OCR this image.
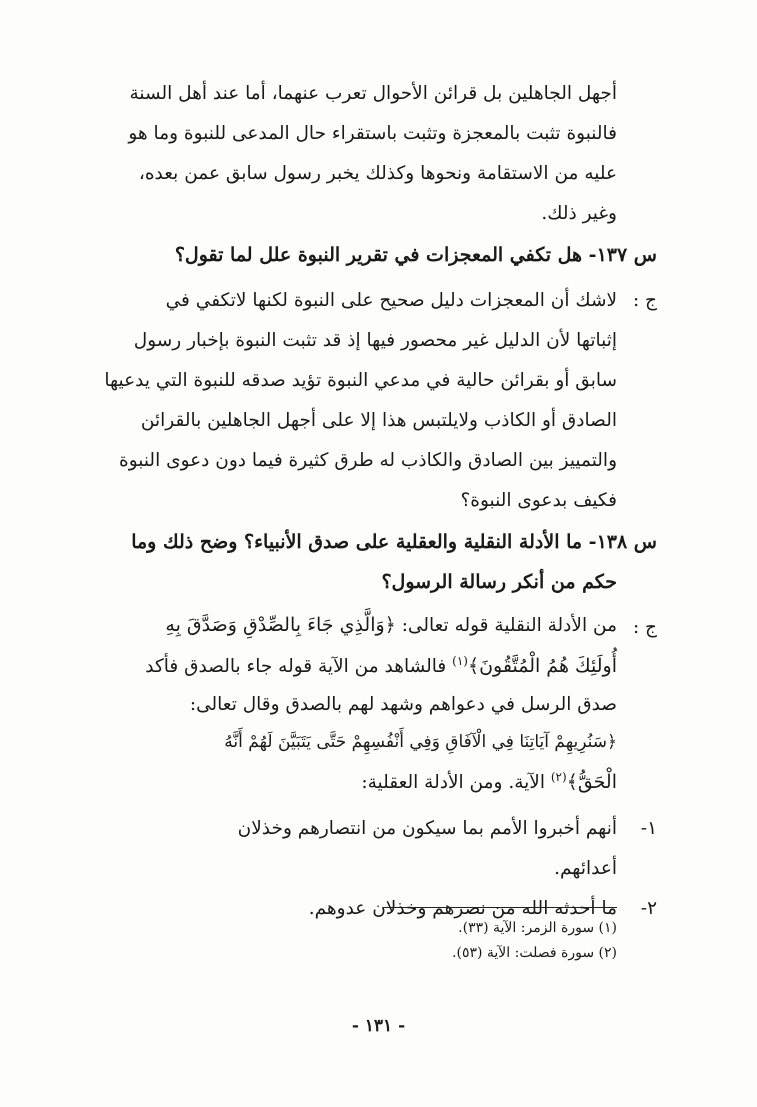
أجهل الجاهلين بل قرائن الأحوال تعرب عنهما، أما عند أهل السنة
فالنبوة تثبت بالمعجزة وتثبت باستقراء حال المدعى للنبوة وما هو
عليه من الاستقامة ونحوها وكذلك يخبر رسول سابق عمن بعده،
وغير ذلك.
س ١٣٧- هل تكفي المعجزات في تقرير النبوة علل لما تقول؟
ج :
لاشك أن المعجزات دليل صحيح على النبوة لكنها لاتكفي في
إثباتها لأن الدليل غير محصور فيها إذ قد تثبت النبوة بإخبار رسول
سابق أو بقرائن حالية في مدعي النبوة تؤيد صدقه للنبوة التي يدعيها
الصادق أو الكاذب ولايلتبس هذا إلا على أجهل الجاهلين بالقرائن
والتمييز بين الصادق والكاذب له طرق كثيرة فيما دون دعوى النبوة
فكيف بدعوى النبوة؟
س ١٣٨- ما الأدلة النقلية والعقلية على صدق الأنبياء؟ وضح ذلك وما
حكم من أنكر رسالة الرسول؟
ج :
من الأدلة النقلية قوله تعالى: ﴿وَالَّذِي جَاءَ بِالصِّدْقِ وَصَدَّقَ بِهِ
أُولَئِكَ هُمُ الْمُتَّقُونَ﴾$^{(١)}$ فالشاهد من الآية قوله جاء بالصدق فأكد
صدق الرسل في دعواهم وشهد لهم بالصدق وقال تعالى:
﴿سَنُرِيهِمْ آيَاتِنَا فِي الْآفَاقِ وَفِي أَنْفُسِهِمْ حَتَّى يَتَبَيَّنَ لَهُمْ أَنَّهُ
الْحَقُّ﴾$^{(٢)}$ الآية. ومن الأدلة العقلية:
١-
أنهم أخبروا الأمم بما سيكون من انتصارهم وخذلان
أعدائهم.
٢-
ما أحدثه الله من نصرهم وخذلان عدوهم.
(١) سورة الزمر: الآية (٣٣).
(٢) سورة فصلت: الآية (٥٣).
- ١٣١ -
